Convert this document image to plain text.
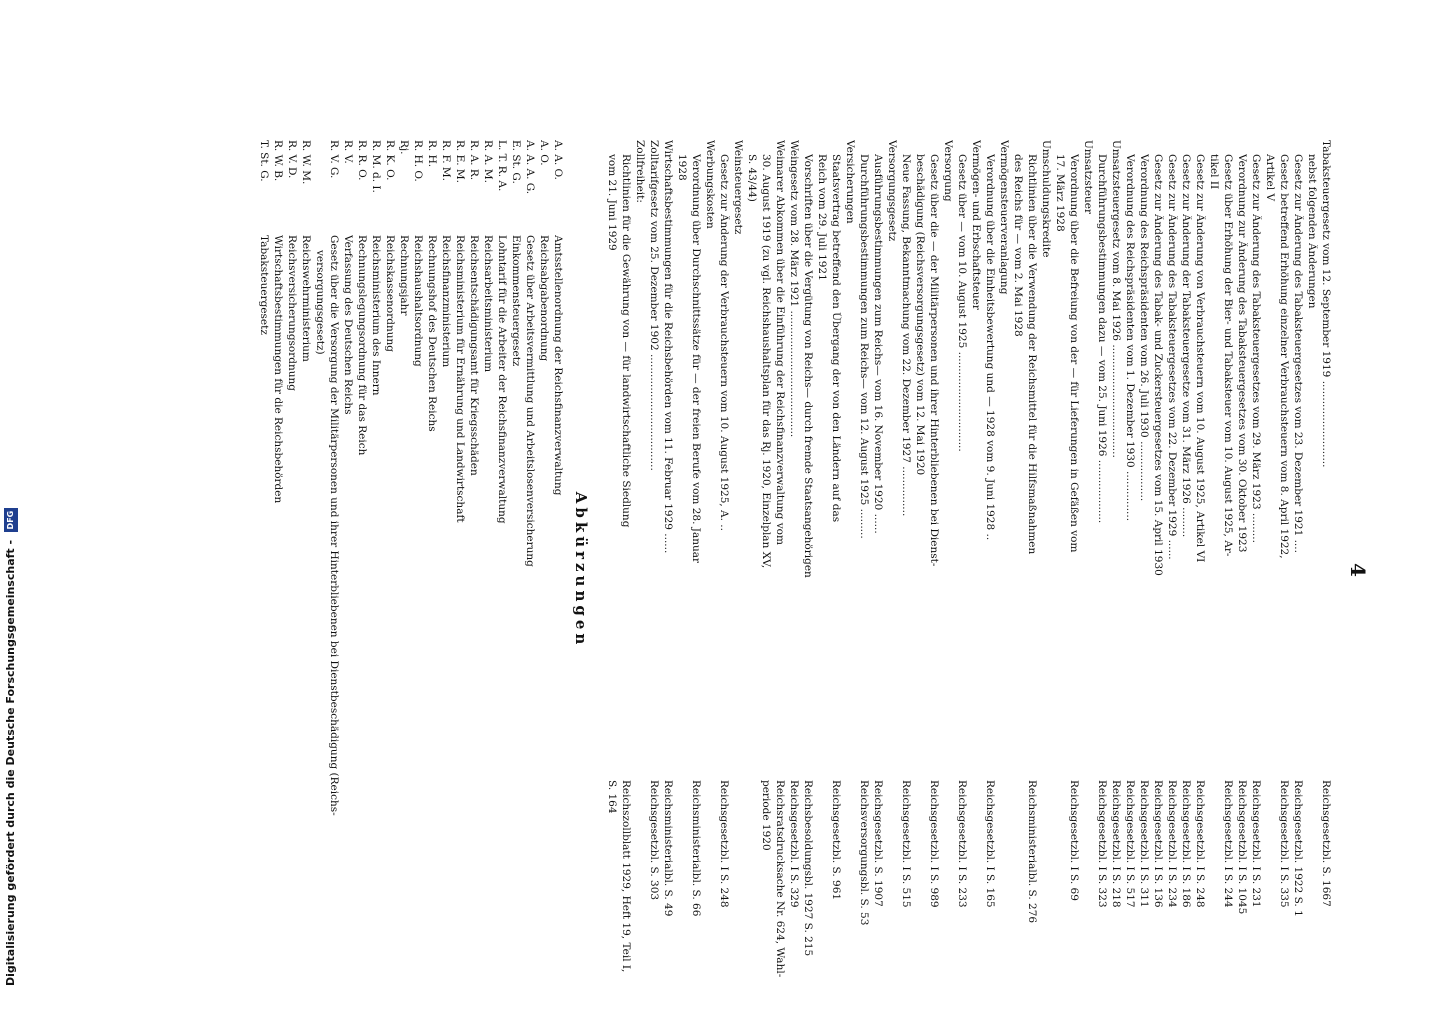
4
Tabaksteuergesetz vom 12. September 1919 ..........................
Reichsgesetzbl. S. 1667
nebst folgenden Änderungen
Gesetz zur Änderung des Tabaksteuergesetzes vom 23. Dezember 1921 ....
Reichsgesetzbl. 1922 S. 1
Gesetz betreffend Erhöhung einzelner Verbrauchsteuern vom 8. April 1922,
Reichsgesetzbl. I S. 335
Artikel V
Gesetz zur Änderung des Tabaksteuergesetzes vom 29. März 1923 .........
Reichsgesetzbl. I S. 231
Verordnung zur Änderung des Tabaksteuergesetzes vom 30. Oktober 1923
Reichsgesetzbl. I S. 1045
Gesetz über Erhöhung der Bier- und Tabaksteuer vom 10. August 1925, Ar-
Reichsgesetzbl. I S. 244
tikel II
Gesetz zur Änderung von Verbrauchsteuern vom 10. August 1925, Artikel VI
Reichsgesetzbl. I S. 248
Gesetz zur Änderung der Tabaksteuergesetze vom 31. März 1926 .........
Reichsgesetzbl. I S. 186
Gesetz zur Änderung des Tabaksteuergesetzes vom 22. Dezember 1929 ......
Reichsgesetzbl. I S. 234
Gesetz zur Änderung des Tabak- und Zuckersteuergesetzes vom 15. April 1930
Reichsgesetzbl. I S. 136
Verordnung des Reichspräsidenten vom 26. Juli 1930 ..................
Reichsgesetzbl. I S. 311
Verordnung des Reichspräsidenten vom 1. Dezember 1930 ...............
Reichsgesetzbl. I S. 517
Umsatzsteuergesetz vom 8. Mai 1926 ..................................
Reichsgesetzbl. I S. 218
Durchführungsbestimmungen dazu — vom 25. Juni 1926 ...................
Reichsgesetzbl. I S. 323
Umsatzsteuer
Verordnung über die Befreiung von der — für Lieferungen in Gefäßen vom
Reichsgesetzbl. I S. 69
17. März 1928
Umschuldungskredite
Richtlinien über die Verwendung der Reichsmittel für die Hilfsmaßnahmen
Reichsministerialbl. S. 276
des Reichs für — vom 2. Mai 1928
Vermögensteuerveranlagung
Verordnung über die Einheitsbewertung und — 1928 vom 9. Juni 1928 ..
Reichsgesetzbl. I S. 165
Vermögen- und Erbschaftsteuer
Gesetz über — vom 10. August 1925 ..............................
Reichsgesetzbl. I S. 233
Versorgung
Gesetz über die — der Militärpersonen und ihrer Hinterbliebenen bei Dienst-
Reichsgesetzbl. I S. 989
beschädigung (Reichsversorgungsgesetz) vom 12. Mai 1920
Neue Fassung, Bekanntmachung vom 22. Dezember 1927 ...............
Reichsgesetzbl. I S. 515
Versorgungsgesetz
Ausführungsbestimmungen zum Reichs— vom 16. November 1920 ......
Reichsgesetzbl. S. 1907
Durchführungsbestimmungen zum Reichs— vom 12. August 1925 .........
Reichsversorgungsbl. S. 53
Versicherungen
Staatsvertrag betreffend den Übergang der von den Ländern auf das
Reichsgesetzbl. S. 961
Reich vom 29. Juli 1921
Vorschriften über die Vergütung von Reichs— durch fremde Staatsangehörigen
Reichsbesoldungsbl. 1927 S. 215
Weingesetz vom 28. März 1921 ......................................
Reichsgesetzbl. I S. 329
Weimarer Abkommen über die Einführung der Reichsfinanzverwaltung vom
Reichsratsdrucksache Nr. 624, Wahl-
30. August 1919 (zu vgl. Reichshaushaltsplan für das Rj. 1920, Einzelplan XV,
periode 1920
S. 43/44)
Weinsteuergesetz
Gesetz zur Änderung der Verbrauchsteuern vom 10. August 1925, A. ..
Reichsgesetzbl. I S. 248
Werbungskosten
Verordnung über Durchschnittssätze für — der freien Berufe vom 28. Januar
Reichsministerialbl. S. 66
1928
Wirtschaftsbestimmungen für die Reichsbehörden vom 11. Februar 1929 ......
Reichsministerialbl. S. 49
Zolltarifgesetz vom 25. Dezember 1902 ...................................
Reichsgesetzbl. S. 303
Zollfreiheit:
Richtlinien für die Gewährung von — für landwirtschaftliche Siedlung
Reichszollblatt 1929, Heft 19, Teil I,
vom 21. Juni 1929
S. 164
Abkürzungen
A. A. O.
Amtsstellenordnung der Reichsfinanzverwaltung
A. O.
Reichsabgabenordnung
A. A. A. G.
Gesetz über Arbeitsvermittlung und Arbeitslosenversicherung
E. St. G.
Einkommensteuergesetz
L. T. R. A.
Lohntarif für die Arbeiter der Reichsfinanzverwaltung
R. A. M.
Reichsarbeitsministerium
R. A. R.
Reichsentschädigungsamt für Kriegsschäden
R. E. M.
Reichsministerium für Ernährung und Landwirtschaft
R. F. M.
Reichsfinanzministerium
R. H.
Rechnungshof des Deutschen Reichs
R. H. O.
Reichshaushaltsordnung
Rj.
Rechnungsjahr
R. K. O.
Reichskassenordnung
R. M. d. I.
Reichsministerium des Innern
R. R. O.
Rechnungslegungsordnung für das Reich
R. V.
Verfassung des Deutschen Reichs
R. V. G.
Gesetz über die Versorgung der Militärpersonen und ihrer Hinterbliebenen bei Dienstbeschädigung (Reichs-
versorgungsgesetz)
R. W. M.
Reichswehrministerium
R. V. D.
Reichsversicherungsordnung
R. W. B.
Wirtschaftsbestimmungen für die Reichsbehörden
T. St. G.
Tabaksteuergesetz
Digitalisierung gefördert durch die Deutsche Forschungsgemeinschaft - DFG
